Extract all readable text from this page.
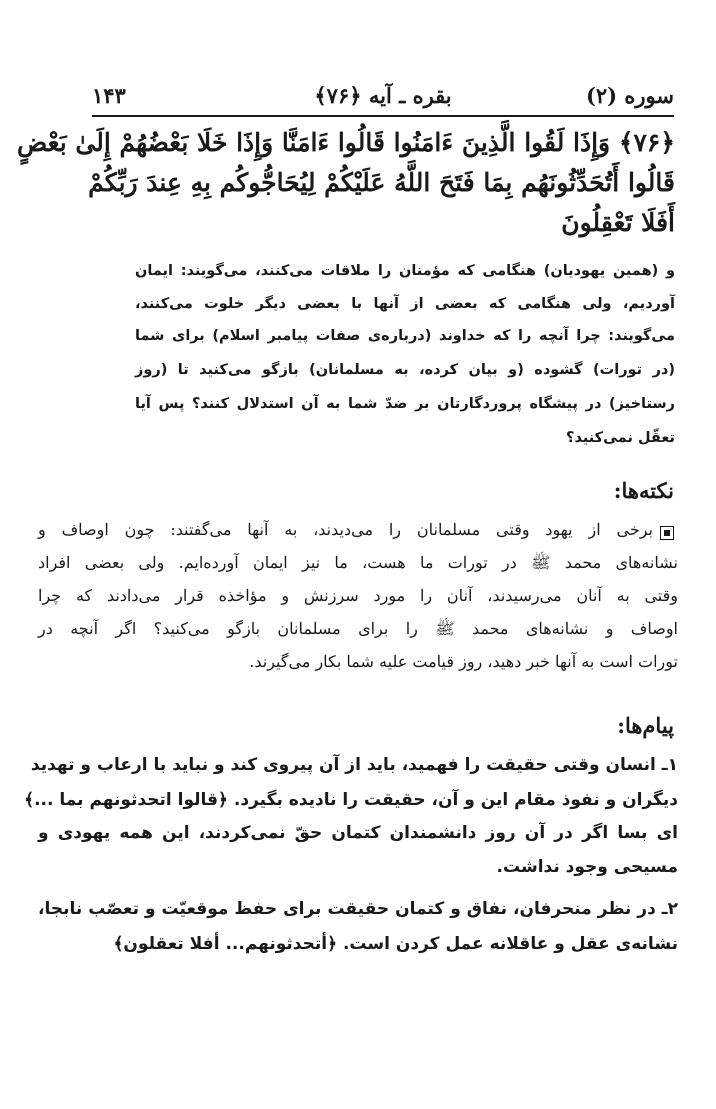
سوره (۲)
بقره ـ آیه ﴿۷۶﴾
۱۴۳

﴿۷۶﴾ وَإِذَا لَقُوا الَّذِينَ ءَامَنُوا قَالُوا ءَامَنَّا وَإِذَا خَلَا بَعْضُهُمْ إِلَىٰ بَعْضٍ

قَالُوا أَتُحَدِّثُونَهُم بِمَا فَتَحَ اللَّهُ عَلَيْكُمْ لِيُحَاجُّوكُم بِهِ عِندَ رَبِّكُمْ

أَفَلَا تَعْقِلُونَ

و (همین یهودیان) هنگامی که مؤمنان را ملاقات می‌کنند، می‌گویند: ایمان

آوردیم، ولی هنگامی که بعضی از آنها با بعضی دیگر خلوت می‌کنند،

می‌گویند: چرا آنچه را که خداوند (درباره‌ی صفات پیامبر اسلام) برای شما

(در تورات) گشوده (و بیان کرده، به مسلمانان) بازگو می‌کنید تا (روز

رستاخیز) در پیشگاه پروردگارتان بر ضدّ شما به آن استدلال کنند؟ پس آیا

تعقّل نمی‌کنید؟

نکته‌ها:

برخی از یهود وقتی مسلمانان را می‌دیدند، به آنها می‌گفتند: چون اوصاف و

نشانه‌های محمد ﷺ در تورات ما هست، ما نیز ایمان آورده‌ایم. ولی بعضی افراد

وقتی به آنان می‌رسیدند، آنان را مورد سرزنش و مؤاخذه قرار می‌دادند که چرا

اوصاف و نشانه‌های محمد ﷺ را برای مسلمانان بازگو می‌کنید؟ اگر آنچه در

تورات است به آنها خبر دهید، روز قیامت علیه شما بکار می‌گیرند.

پیام‌ها:

۱ـ انسان وقتی حقیقت را فهمید، باید از آن پیروی کند و نباید با ارعاب و تهدید

دیگران و نفوذ مقام این و آن، حقیقت را نادیده بگیرد. ﴿قالوا اتحدثونهم بما ...﴾

ای بسا اگر در آن روز دانشمندان کتمان حقّ نمی‌کردند، این همه یهودی و

مسیحی وجود نداشت.

۲ـ در نظر منحرفان، نفاق و کتمان حقیقت برای حفظ موقعیّت و تعصّب نابجا،

نشانه‌ی عقل و عاقلانه عمل کردن است. ﴿أتحدثونهم... أفلا تعقلون﴾
